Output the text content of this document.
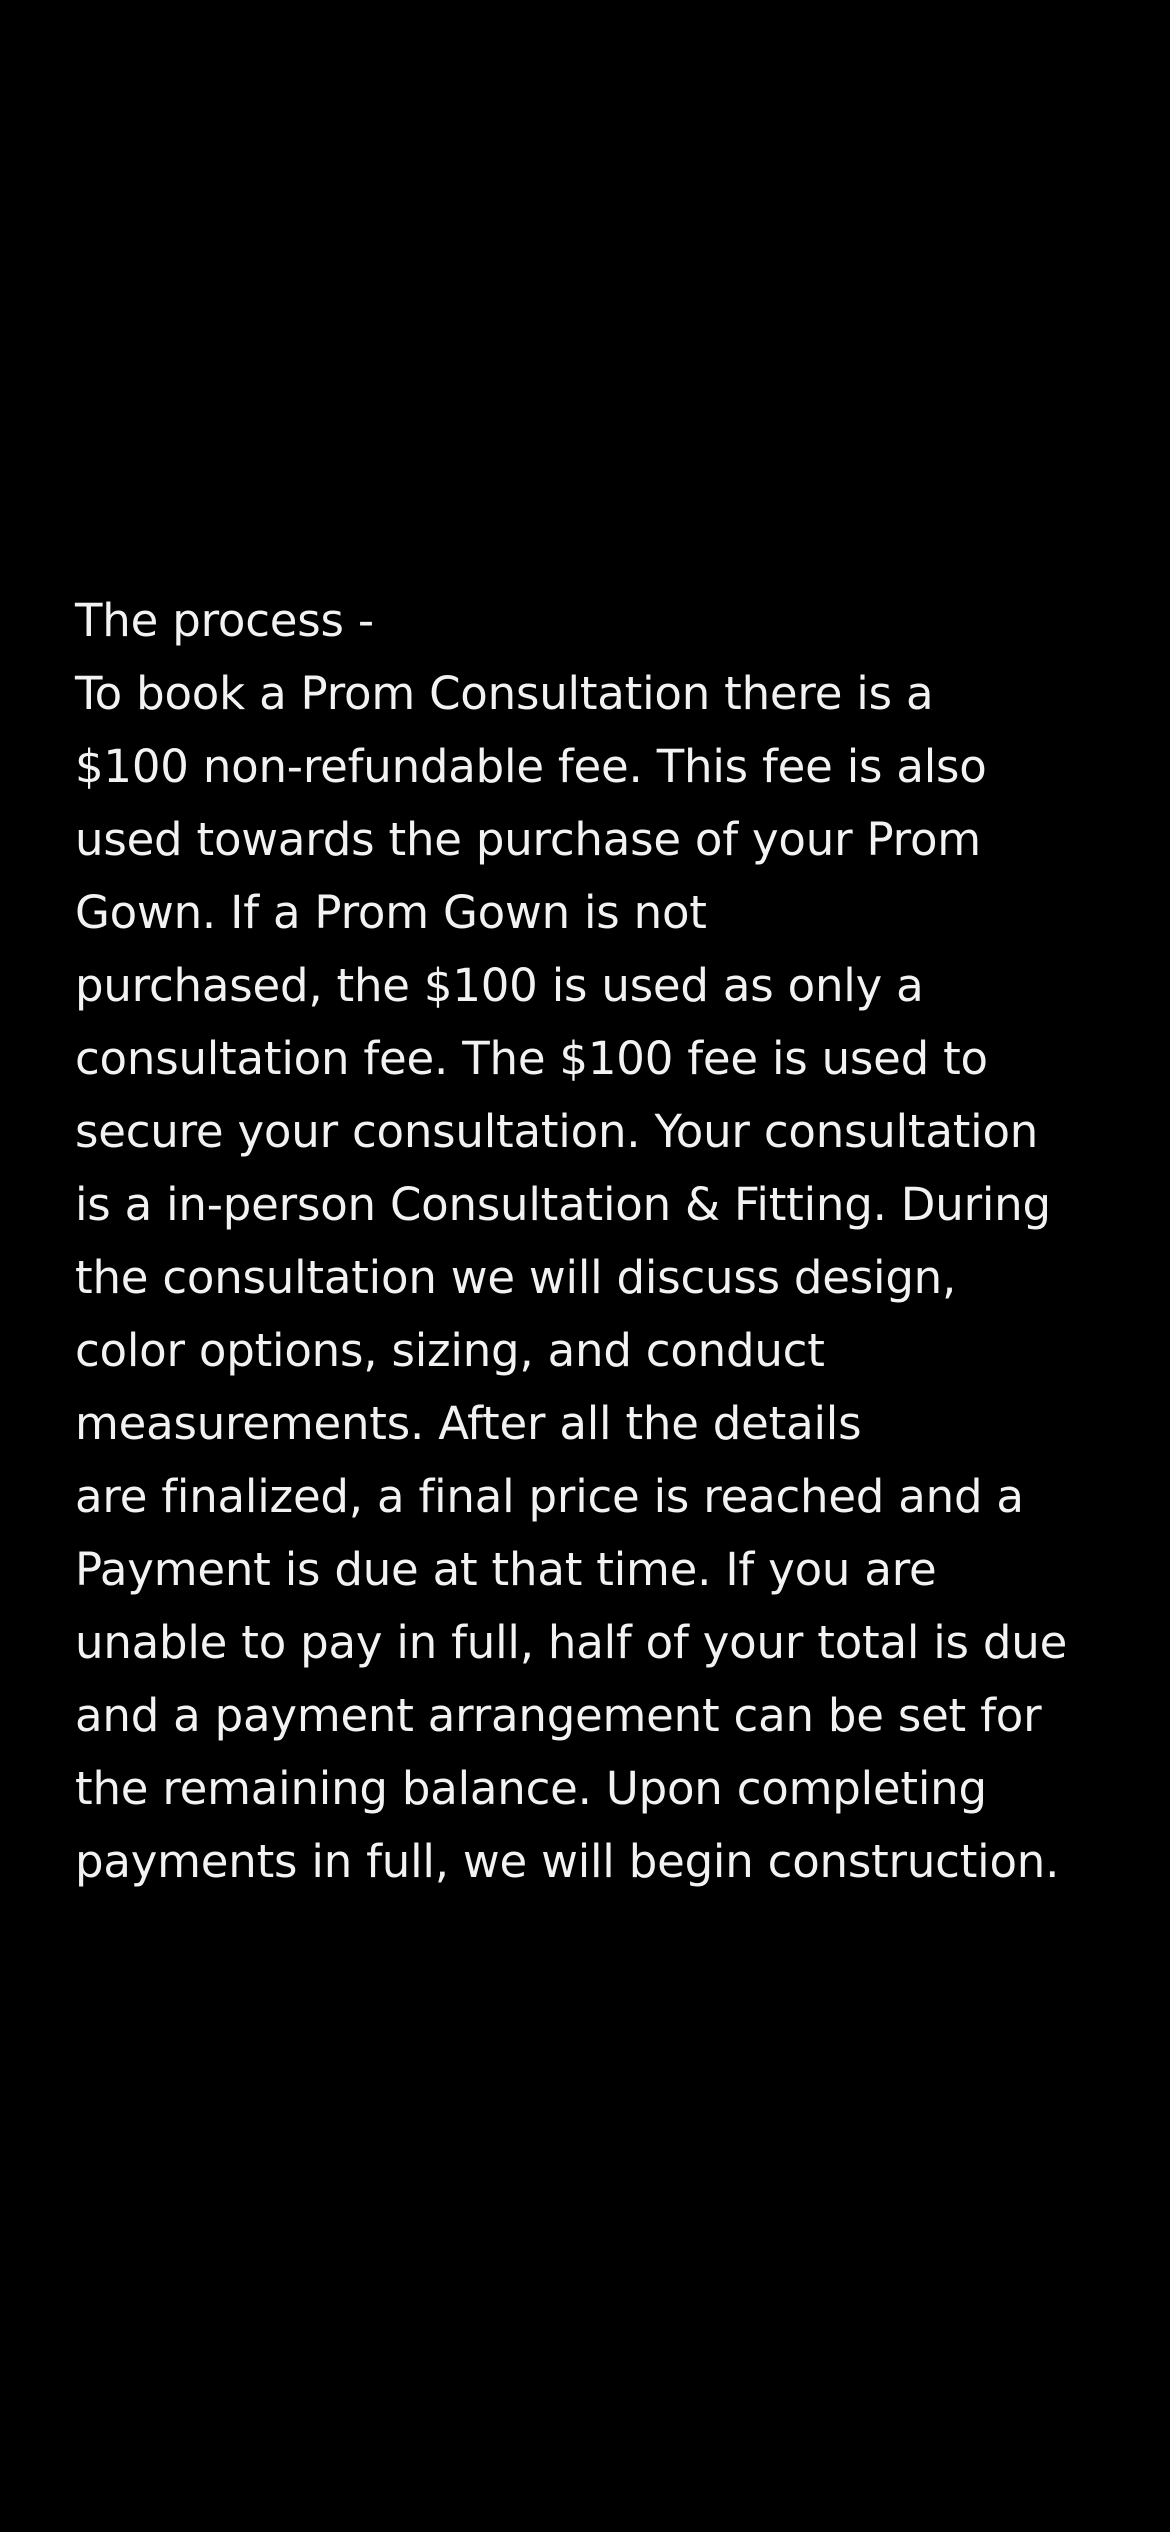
The process -
To book a Prom Consultation there is a
$100 non-refundable fee. This fee is also
used towards the purchase of your Prom
Gown. If a Prom Gown is not
purchased, the $100 is used as only a
consultation fee. The $100 fee is used to
secure your consultation. Your consultation
is a in-person Consultation & Fitting. During
the consultation we will discuss design,
color options, sizing, and conduct
measurements. After all the details
are finalized, a final price is reached and a
Payment is due at that time. If you are
unable to pay in full, half of your total is due
and a payment arrangement can be set for
the remaining balance. Upon completing
payments in full, we will begin construction.
